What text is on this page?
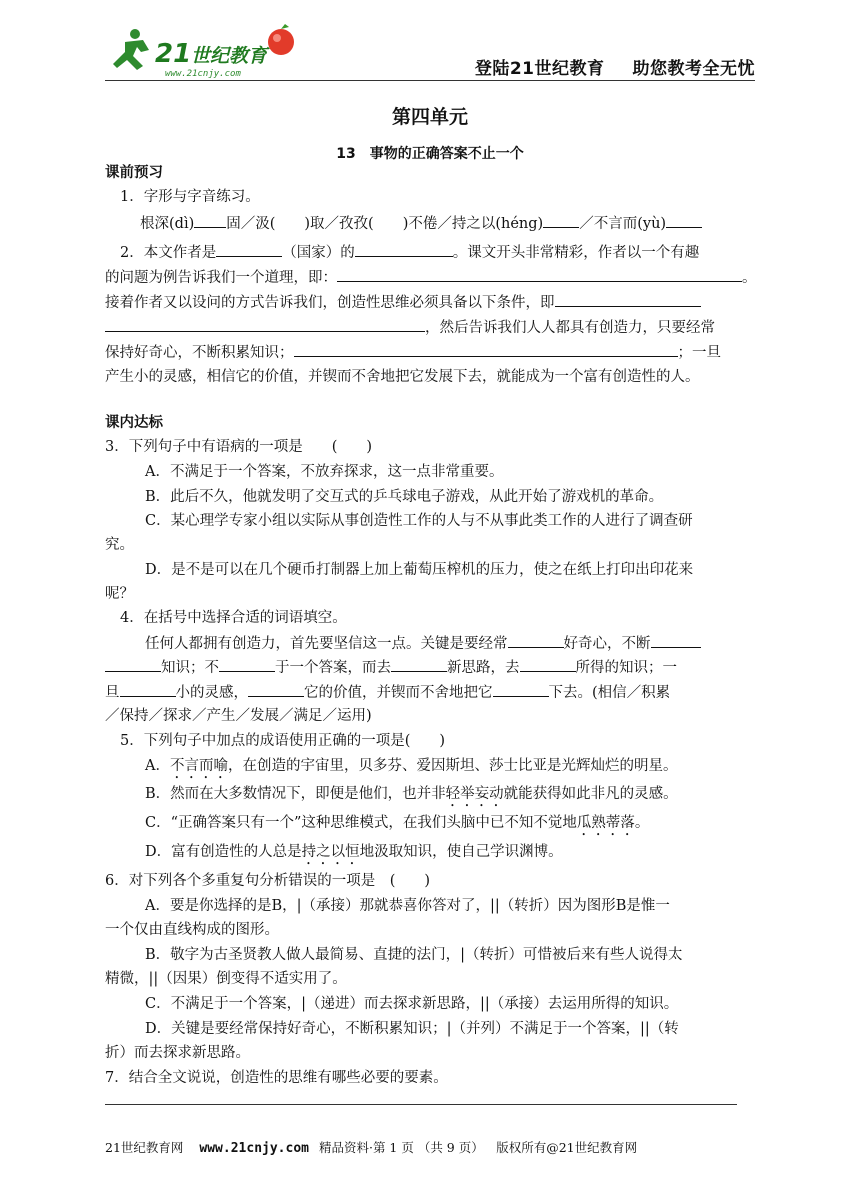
21 世纪教育
www.21cnjy.com	登陆21世纪教育 助您教考全无忧
第四单元
13　事物的正确答案不止一个
课前预习
1．字形与字音练习。
根深(dì) 固／汲(　　)取／孜孜(　　)不倦／持之以(héng) ／不言而(yù)
2．本文作者是	（国家）的	。课文开头非常精彩，作者以一个有趣
的问题为例告诉我们一个道理，即：	。
接着作者又以设问的方式告诉我们，创造性思维必须具备以下条件，即
，然后告诉我们人人都具有创造力，只要经常
保持好奇心，不断积累知识；	；一旦
产生小的灵感，相信它的价值，并锲而不舍地把它发展下去，就能成为一个富有创造性的人。
课内达标
3．下列句子中有语病的一项是　　(　　)
A．不满足于一个答案，不放弃探求，这一点非常重要。
B．此后不久，他就发明了交互式的乒乓球电子游戏，从此开始了游戏机的革命。
C．某心理学专家小组以实际从事创造性工作的人与不从事此类工作的人进行了调查研
究。
D．是不是可以在几个硬币打制器上加上葡萄压榨机的压力，使之在纸上打印出印花来
呢？
4．在括号中选择合适的词语填空。
任何人都拥有创造力，首先要坚信这一点。关键是要经常	好奇心，不断
知识；不	于一个答案，而去	新思路，去	所得的知识；一
旦	小的灵感，	它的价值，并锲而不舍地把它	下去。(相信／积累
／保持／探求／产生／发展／满足／运用)
5．下列句子中加点的成语使用正确的一项是(　　)
A．不言而喻，在创造的宇宙里，贝多芬、爱因斯坦、莎士比亚是光辉灿烂的明星。
B．然而在大多数情况下，即便是他们，也并非轻举妄动就能获得如此非凡的灵感。
C．“正确答案只有一个”这种思维模式，在我们头脑中已不知不觉地瓜熟蒂落。
D．富有创造性的人总是持之以恒地汲取知识，使自己学识渊博。
6．对下列各个多重复句分析错误的一项是　(　　)
A．要是你选择的是B，|（承接）那就恭喜你答对了，||（转折）因为图形B是惟一
一个仅由直线构成的图形。
B．敬字为古圣贤教人做人最简易、直捷的法门，|（转折）可惜被后来有些人说得太
精微，||（因果）倒变得不适实用了。
C．不满足于一个答案，|（递进）而去探求新思路，||（承接）去运用所得的知识。
D．关键是要经常保持好奇心，不断积累知识；|（并列）不满足于一个答案，||（转
折）而去探求新思路。
7．结合全文说说，创造性的思维有哪些必要的要素。
21世纪教育网 www.21cnjy.com 精品资料·第 1 页 （共 9 页）  版权所有@21世纪教育网
